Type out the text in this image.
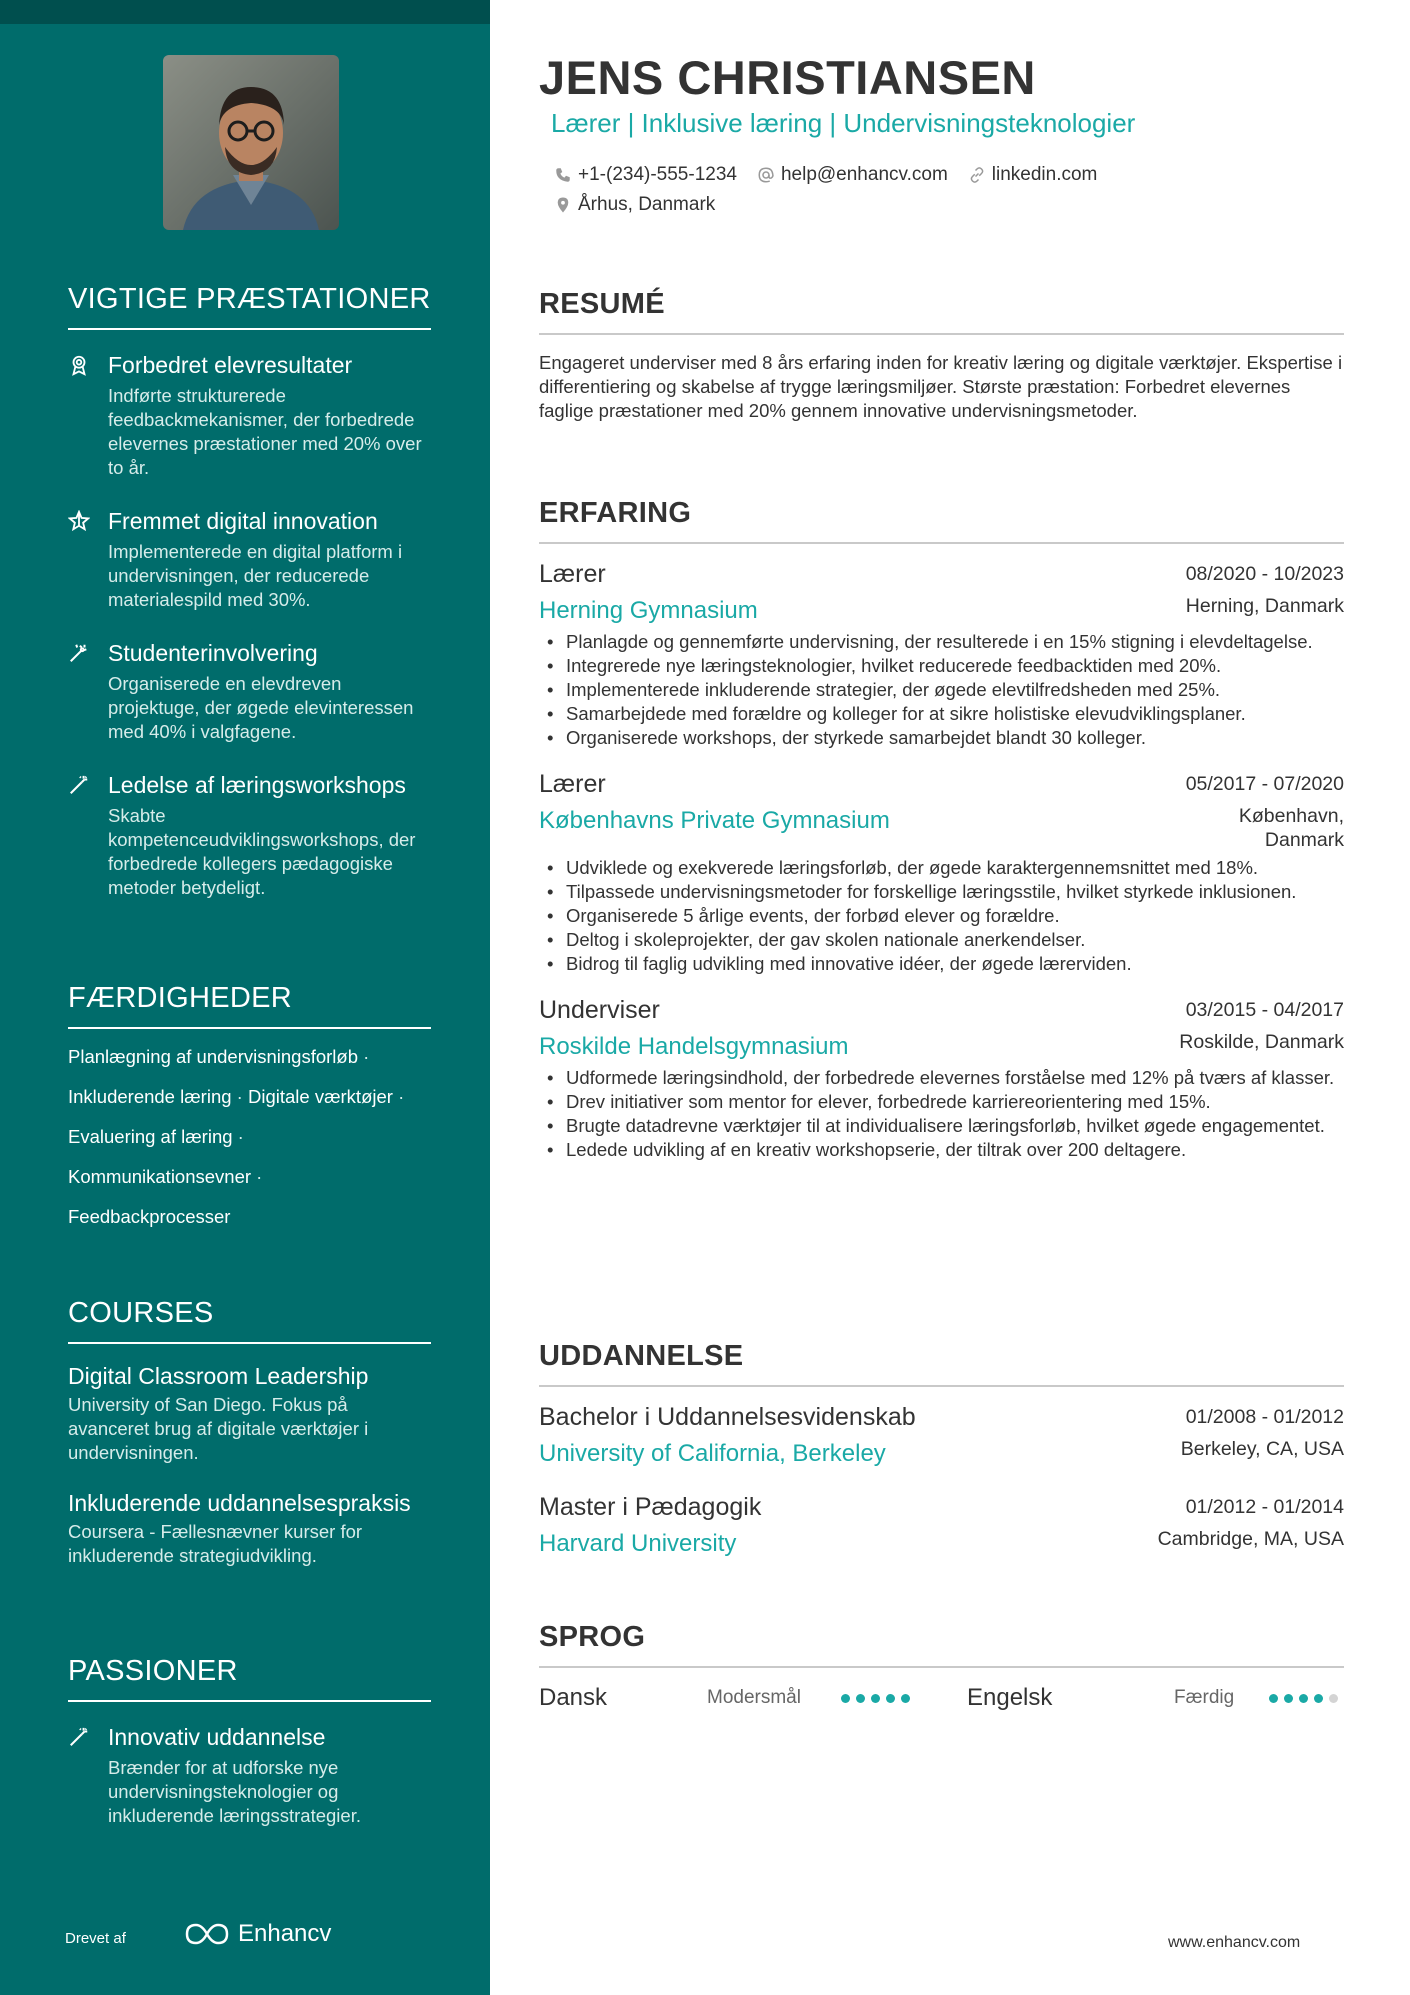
VIGTIGE PRÆSTATIONER
Forbedret elevresultater
Indførte strukturerede feedbackmekanismer, der forbedrede elevernes præstationer med 20% over to år.
Fremmet digital innovation
Implementerede en digital platform i undervisningen, der reducerede materialespild med 30%.
Studenterinvolvering
Organiserede en elevdreven projektuge, der øgede elevinteressen med 40% i valgfagene.
Ledelse af læringsworkshops
Skabte kompetenceudviklingsworkshops, der forbedrede kollegers pædagogiske metoder betydeligt.
FÆRDIGHEDER
Planlægning af undervisningsforløb ·
Inkluderende læring · Digitale værktøjer ·
Evaluering af læring ·
Kommunikationsevner ·
Feedbackprocesser
COURSES
Digital Classroom Leadership
University of San Diego. Fokus på avanceret brug af digitale værktøjer i undervisningen.
Inkluderende uddannelsespraksis
Coursera - Fællesnævner kurser for inkluderende strategiudvikling.
PASSIONER
Innovativ uddannelse
Brænder for at udforske nye undervisningsteknologier og inkluderende læringsstrategier.
Drevet af	Enhancv
JENS CHRISTIANSEN
Lærer | Inklusive læring | Undervisningsteknologier
+1-(234)-555-1234 help@enhancv.com linkedin.com
Århus, Danmark
RESUMÉ

Engageret underviser med 8 års erfaring inden for kreativ læring og digitale værktøjer. Ekspertise i differentiering og skabelse af trygge læringsmiljøer. Største præstation: Forbedret elevernes faglige præstationer med 20% gennem innovative undervisningsmetoder.

ERFARING
Lærer	08/2020 - 10/2023
Herning Gymnasium	Herning, Danmark
• Planlagde og gennemførte undervisning, der resulterede i en 15% stigning i elevdeltagelse.
• Integrerede nye læringsteknologier, hvilket reducerede feedbacktiden med 20%.
• Implementerede inkluderende strategier, der øgede elevtilfredsheden med 25%.
• Samarbejdede med forældre og kolleger for at sikre holistiske elevudviklingsplaner.
• Organiserede workshops, der styrkede samarbejdet blandt 30 kolleger.
Lærer	05/2017 - 07/2020
Københavns Private Gymnasium	København, Danmark
• Udviklede og exekverede læringsforløb, der øgede karaktergennemsnittet med 18%.
• Tilpassede undervisningsmetoder for forskellige læringsstile, hvilket styrkede inklusionen.
• Organiserede 5 årlige events, der forbød elever og forældre.
• Deltog i skoleprojekter, der gav skolen nationale anerkendelser.
• Bidrog til faglig udvikling med innovative idéer, der øgede lærerviden.
Underviser	03/2015 - 04/2017
Roskilde Handelsgymnasium	Roskilde, Danmark
• Udformede læringsindhold, der forbedrede elevernes forståelse med 12% på tværs af klasser.
• Drev initiativer som mentor for elever, forbedrede karriereorientering med 15%.
• Brugte datadrevne værktøjer til at individualisere læringsforløb, hvilket øgede engagementet.
• Ledede udvikling af en kreativ workshopserie, der tiltrak over 200 deltagere.
UDDANNELSE
Bachelor i Uddannelsesvidenskab	01/2008 - 01/2012
University of California, Berkeley	Berkeley, CA, USA
Master i Pædagogik	01/2012 - 01/2014
Harvard University	Cambridge, MA, USA
SPROG
Dansk	Modersmål	Engelsk	Færdig
www.enhancv.com
